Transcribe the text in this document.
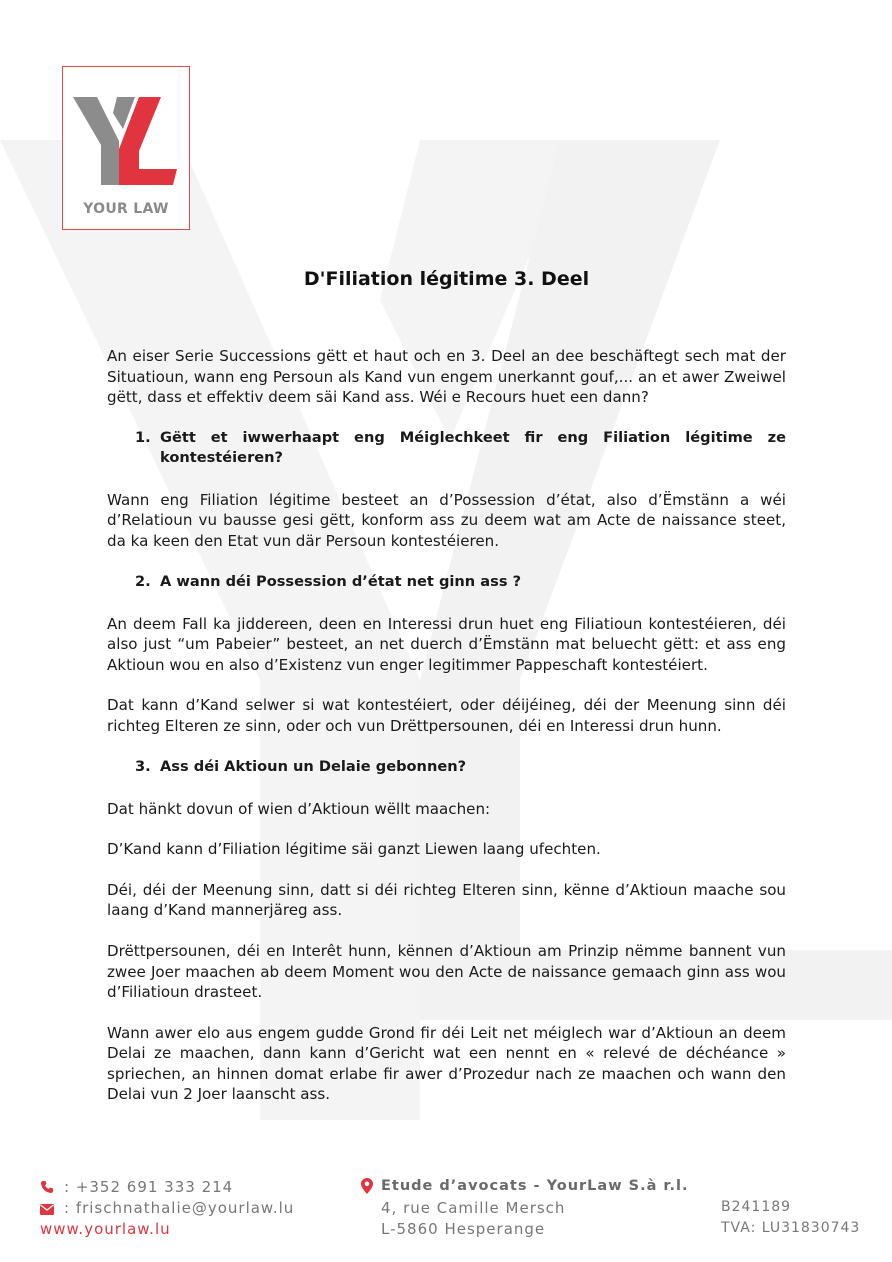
YOUR LAW
D'Filiation légitime 3. Deel

An eiser Serie Successions gëtt et haut och en 3. Deel an dee beschäftegt sech mat der Situatioun, wann eng Persoun als Kand vun engem unerkannt gouf,... an et awer Zweiwel gëtt, dass et effektiv deem säi Kand ass. Wéi e Recours huet een dann?

1. Gëtt et iwwerhaapt eng Méiglechkeet fir eng Filiation légitime ze kontestéieren?

Wann eng Filiation légitime besteet an d’Possession d’état, also d’Ëmstänn a wéi d’Relatioun vu bausse gesi gëtt, konform ass zu deem wat am Acte de naissance steet, da ka keen den Etat vun där Persoun kontestéieren.

2. A wann déi Possession d’état net ginn ass ?

An deem Fall ka jiddereen, deen en Interessi drun huet eng Filiatioun kontestéieren, déi also just “um Pabeier” besteet, an net duerch d’Ëmstänn mat beluecht gëtt: et ass eng Aktioun wou en also d’Existenz vun enger legitimmer Pappeschaft kontestéiert.

Dat kann d’Kand selwer si wat kontestéiert, oder déijéineg, déi der Meenung sinn déi richteg Elteren ze sinn, oder och vun Drëttpersounen, déi en Interessi drun hunn.

3. Ass déi Aktioun un Delaie gebonnen?

Dat hänkt dovun of wien d’Aktioun wëllt maachen:

D’Kand kann d’Filiation légitime säi ganzt Liewen laang ufechten.

Déi, déi der Meenung sinn, datt si déi richteg Elteren sinn, kënne d’Aktioun maache sou laang d’Kand mannerjäreg ass.

Drëttpersounen, déi en Interêt hunn, kënnen d’Aktioun am Prinzip nëmme bannent vun zwee Joer maachen ab deem Moment wou den Acte de naissance gemaach ginn ass wou d’Filiatioun drasteet.

Wann awer elo aus engem gudde Grond fir déi Leit net méiglech war d’Aktioun an deem Delai ze maachen, dann kann d’Gericht wat een nennt en « relevé de déchéance » spriechen, an hinnen domat erlabe fir awer d’Prozedur nach ze maachen och wann den Delai vun 2 Joer laanscht ass.

: +352 691 333 214
: frischnathalie@yourlaw.lu
www.yourlaw.lu
Etude d’avocats - YourLaw S.à r.l.
4, rue Camille Mersch
L-5860 Hesperange
B241189
TVA: LU31830743
